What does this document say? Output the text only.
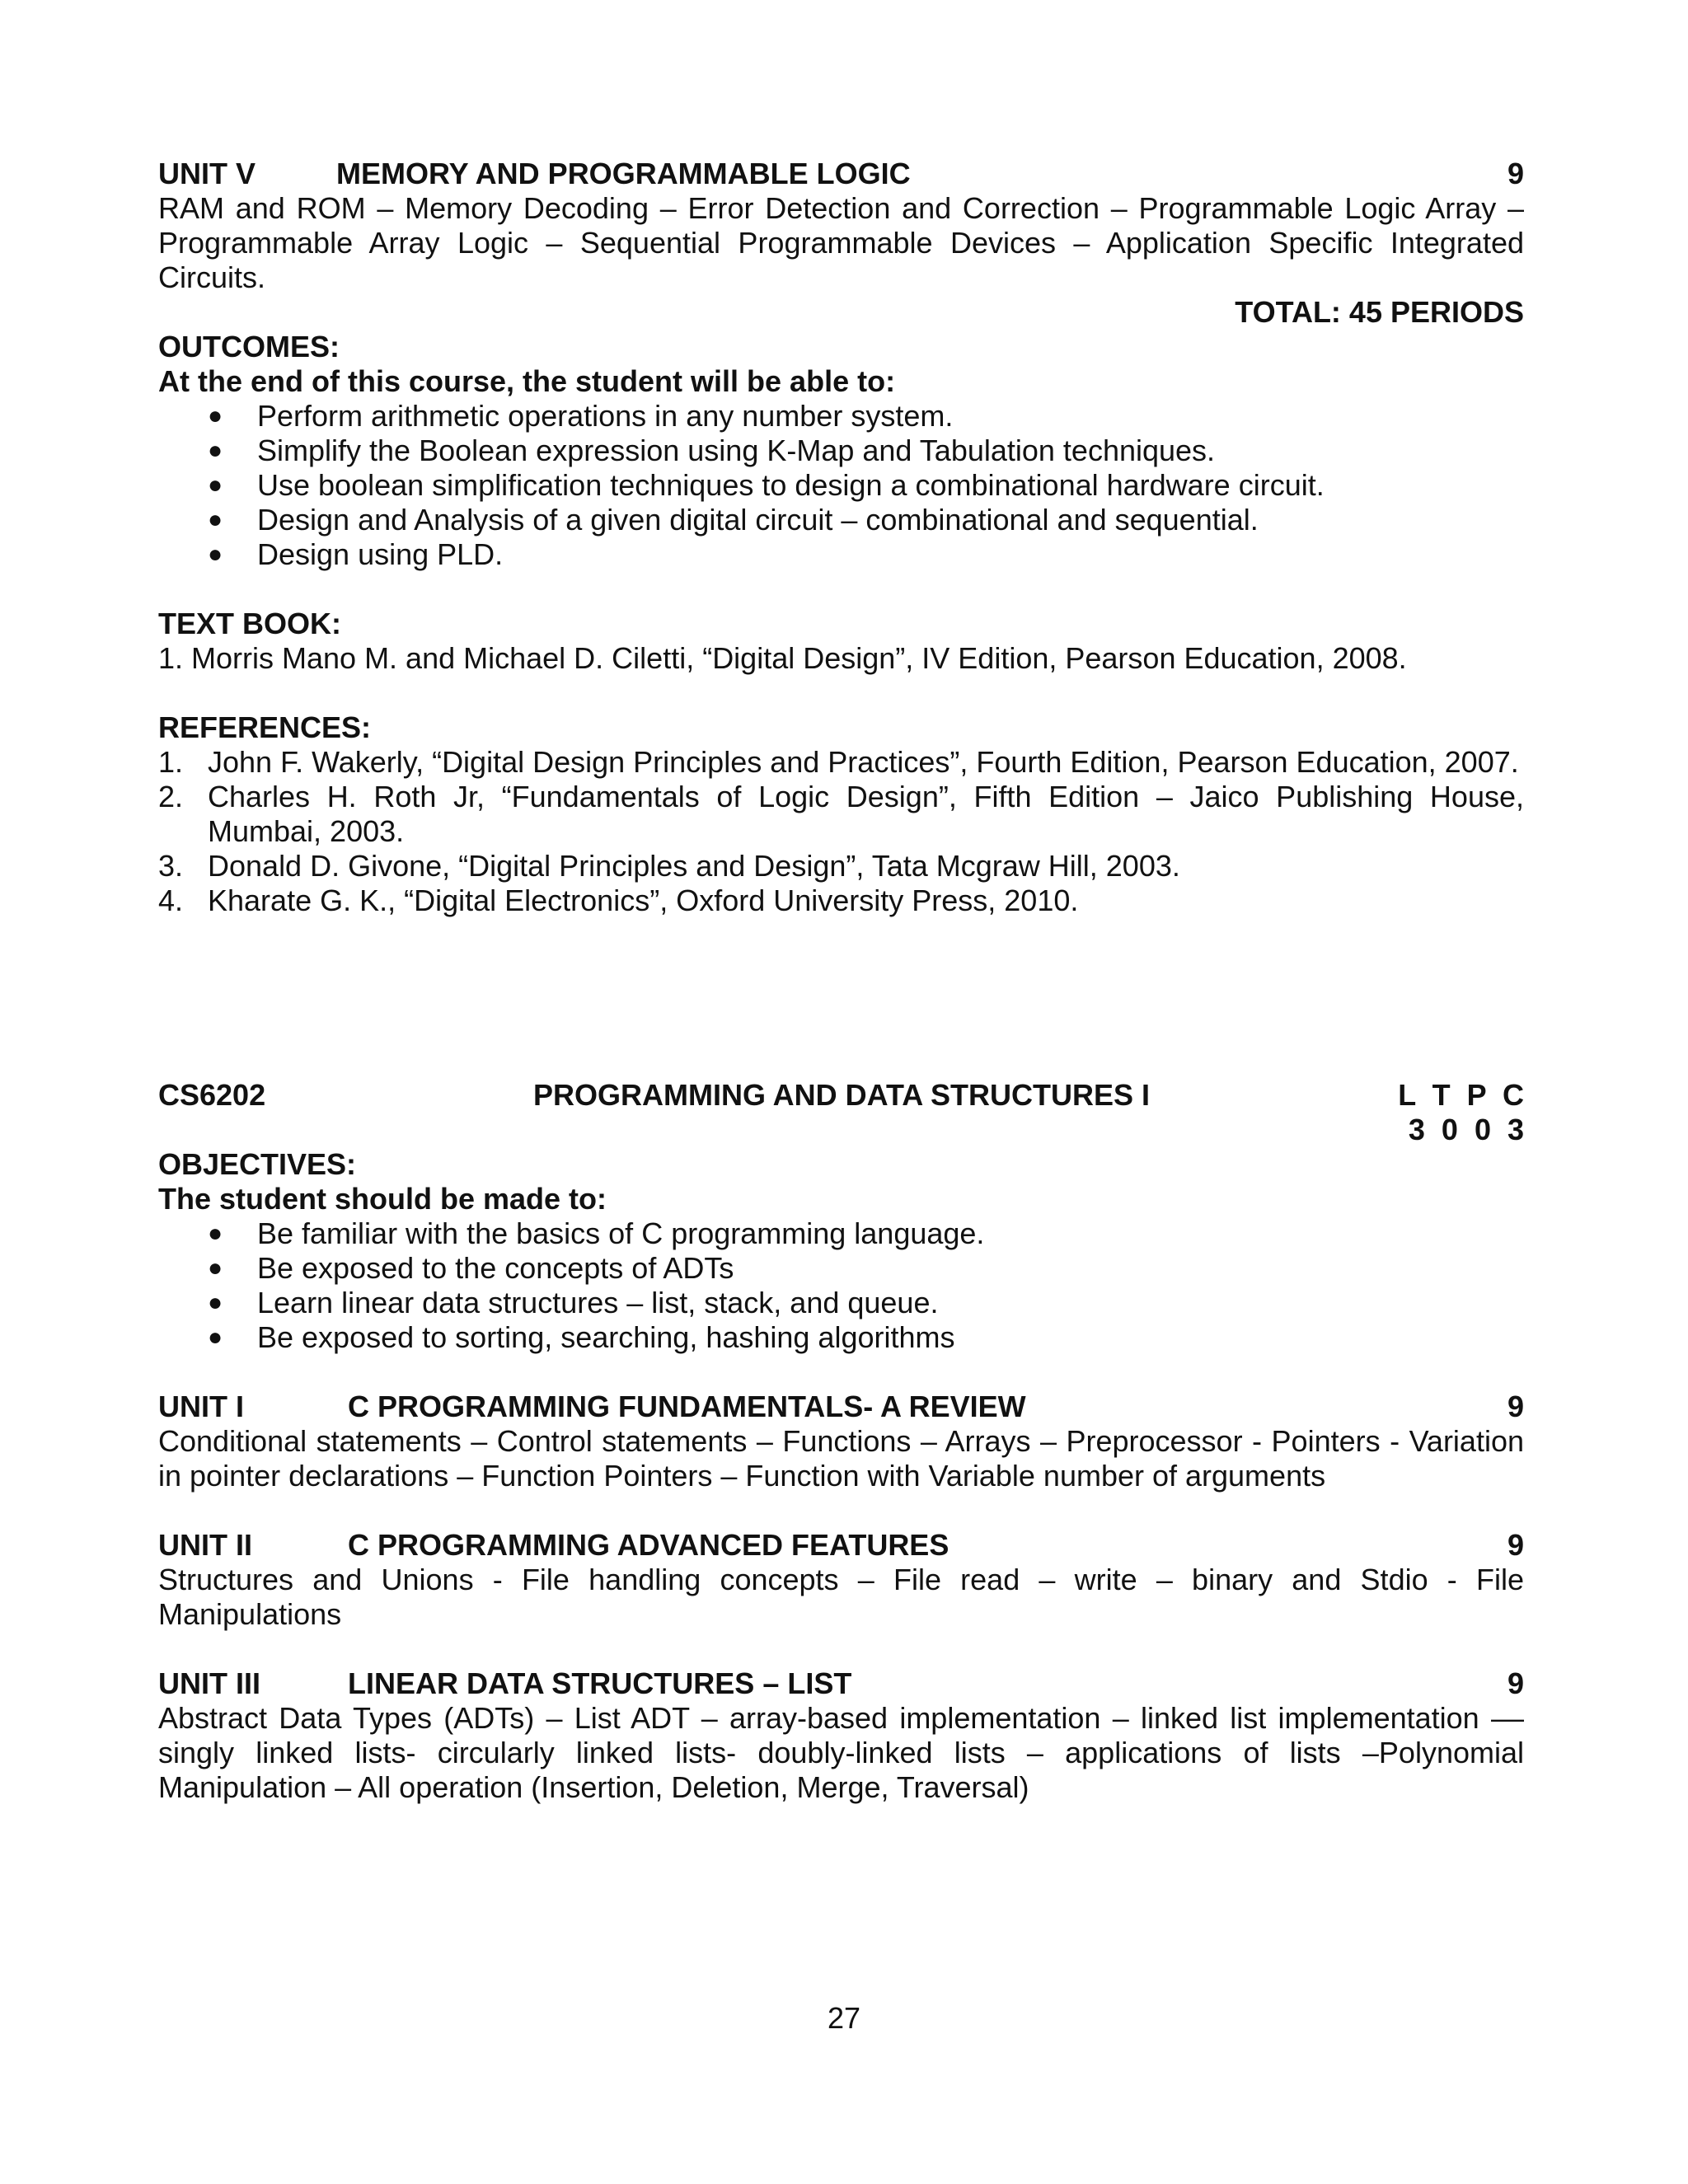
UNIT V	MEMORY AND PROGRAMMABLE LOGIC	9
RAM and ROM – Memory Decoding – Error Detection and Correction – Programmable Logic Array – Programmable Array Logic – Sequential Programmable Devices – Application Specific Integrated Circuits.
TOTAL: 45 PERIODS
OUTCOMES:
At the end of this course, the student will be able to:
● Perform arithmetic operations in any number system.
● Simplify the Boolean expression using K-Map and Tabulation techniques.
● Use boolean simplification techniques to design a combinational hardware circuit.
● Design and Analysis of a given digital circuit – combinational and sequential.
● Design using PLD.
TEXT BOOK:
1. Morris Mano M. and Michael D. Ciletti, “Digital Design”, IV Edition, Pearson Education, 2008.
REFERENCES:
1. John F. Wakerly, “Digital Design Principles and Practices”, Fourth Edition, Pearson Education, 2007.
2. Charles H. Roth Jr, “Fundamentals of Logic Design”, Fifth Edition – Jaico Publishing House, Mumbai, 2003.
3. Donald D. Givone, “Digital Principles and Design”, Tata Mcgraw Hill, 2003.
4. Kharate G. K., “Digital Electronics”, Oxford University Press, 2010.
CS6202	PROGRAMMING AND DATA STRUCTURES I	L T P C
3 0 0 3
OBJECTIVES:
The student should be made to:
● Be familiar with the basics of C programming language.
● Be exposed to the concepts of ADTs
● Learn linear data structures – list, stack, and queue.
● Be exposed to sorting, searching, hashing algorithms
UNIT I	C PROGRAMMING FUNDAMENTALS- A REVIEW	9
Conditional statements – Control statements – Functions – Arrays – Preprocessor - Pointers - Variation in pointer declarations – Function Pointers – Function with Variable number of arguments
UNIT II	C PROGRAMMING ADVANCED FEATURES	9
Structures and Unions - File handling concepts – File read – write – binary and Stdio - File Manipulations
UNIT III	LINEAR DATA STRUCTURES – LIST	9
Abstract Data Types (ADTs) – List ADT – array-based implementation – linked list implementation –– singly linked lists- circularly linked lists- doubly-linked lists – applications of lists –Polynomial Manipulation – All operation (Insertion, Deletion, Merge, Traversal)
27
